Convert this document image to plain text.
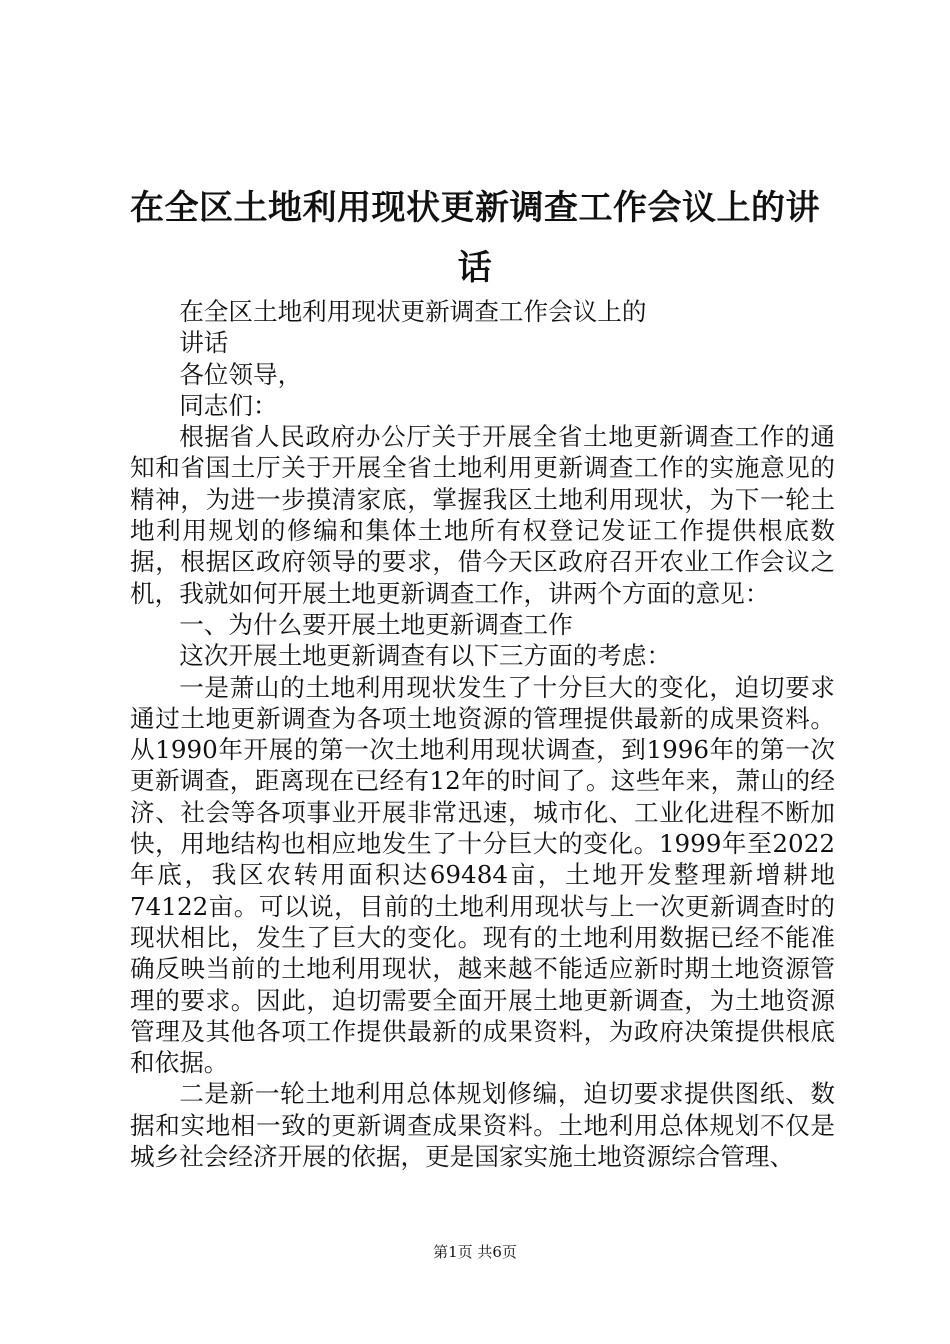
在全区土地利用现状更新调查工作会议上的讲话

在全区土地利用现状更新调查工作会议上的

讲话

各位领导，

同志们：

根据省人民政府办公厅关于开展全省土地更新调查工作的通知和省国土厅关于开展全省土地利用更新调查工作的实施意见的精神，为进一步摸清家底，掌握我区土地利用现状，为下一轮土地利用规划的修编和集体土地所有权登记发证工作提供根底数据，根据区政府领导的要求，借今天区政府召开农业工作会议之机，我就如何开展土地更新调查工作，讲两个方面的意见：

一、为什么要开展土地更新调查工作

这次开展土地更新调查有以下三方面的考虑：

一是萧山的土地利用现状发生了十分巨大的变化，迫切要求通过土地更新调查为各项土地资源的管理提供最新的成果资料。从1990年开展的第一次土地利用现状调查，到1996年的第一次更新调查，距离现在已经有12年的时间了。这些年来，萧山的经济、社会等各项事业开展非常迅速，城市化、工业化进程不断加快，用地结构也相应地发生了十分巨大的变化。1999年至2022年底，我区农转用面积达69484亩，土地开发整理新增耕地74122亩。可以说，目前的土地利用现状与上一次更新调查时的现状相比，发生了巨大的变化。现有的土地利用数据已经不能准确反映当前的土地利用现状，越来越不能适应新时期土地资源管理的要求。因此，迫切需要全面开展土地更新调查，为土地资源管理及其他各项工作提供最新的成果资料，为政府决策提供根底和依据。

二是新一轮土地利用总体规划修编，迫切要求提供图纸、数据和实地相一致的更新调查成果资料。土地利用总体规划不仅是城乡社会经济开展的依据，更是国家实施土地资源综合管理、

第1页 共6页
